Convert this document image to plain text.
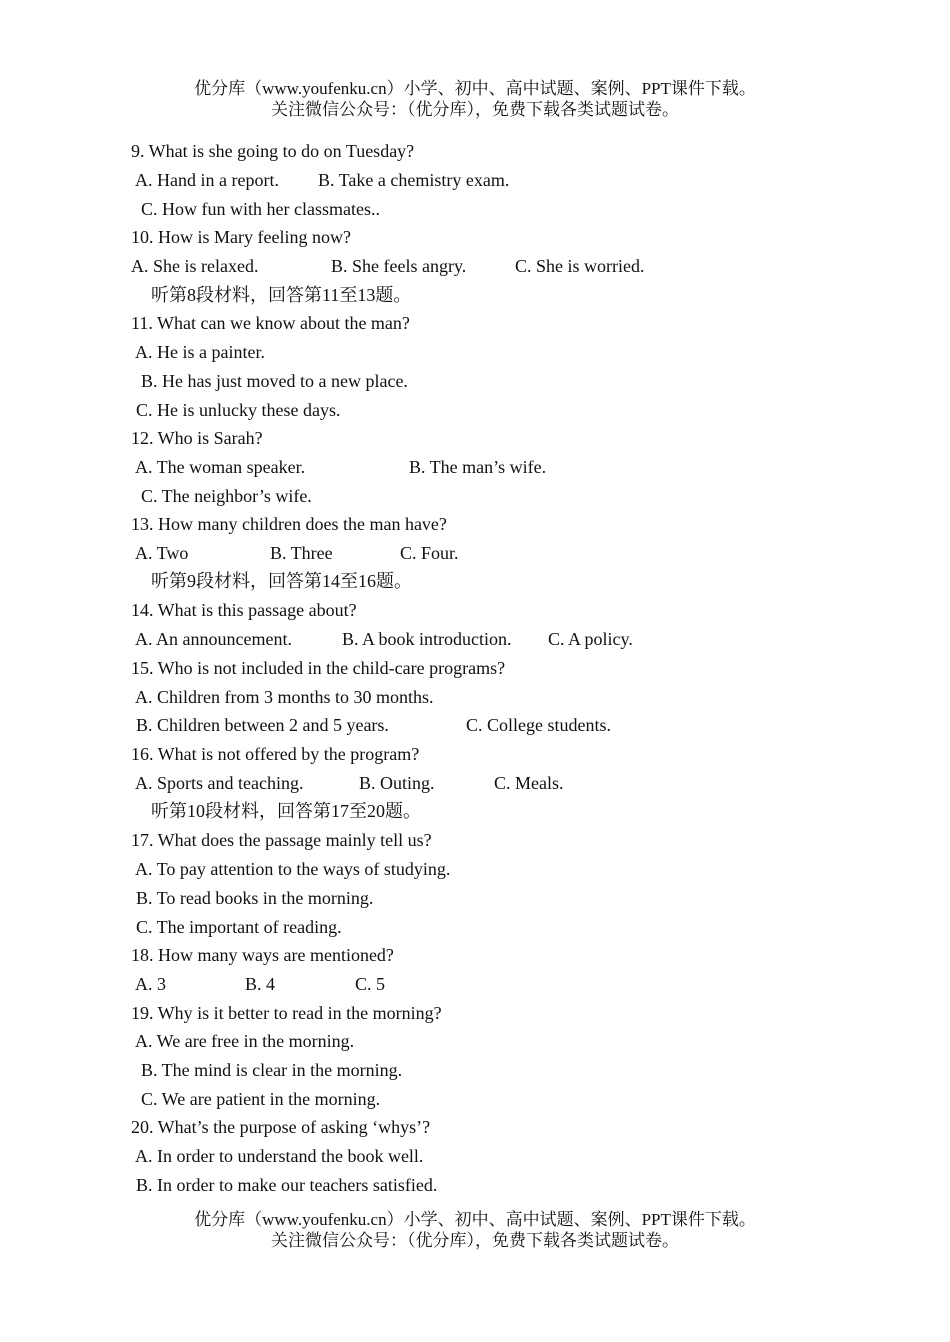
优分库（www.youfenku.cn）小学、初中、高中试题、案例、PPT课件下载。
关注微信公众号：（优分库），免费下载各类试题试卷。
9. What is she going to do on Tuesday?
A. Hand in a report. B. Take a chemistry exam.
C. How fun with her classmates..
10. How is Mary feeling now?
A. She is relaxed.	B. She feels angry.	C. She is worried.
听第8段材料，回答第11至13题。
11. What can we know about the man?
A. He is a painter.
B. He has just moved to a new place.
C. He is unlucky these days.
12. Who is Sarah?
A. The woman speaker.	B. The man’s wife.
C. The neighbor’s wife.
13. How many children does the man have?
A. Two	B. Three	C. Four.
听第9段材料，回答第14至16题。
14. What is this passage about?
A. An announcement.	B. A book introduction. C. A policy.
15. Who is not included in the child-care programs?
A. Children from 3 months to 30 months.
B. Children between 2 and 5 years.	C. College students.
16. What is not offered by the program?
A. Sports and teaching.	B. Outing.	C. Meals.
听第10段材料，回答第17至20题。
17. What does the passage mainly tell us?
A. To pay attention to the ways of studying.
B. To read books in the morning.
C. The important of reading.
18. How many ways are mentioned?
A. 3	B. 4	C. 5
19. Why is it better to read in the morning?
A. We are free in the morning.
B. The mind is clear in the morning.
C. We are patient in the morning.
20. What’s the purpose of asking ‘whys’?
A. In order to understand the book well.
B. In order to make our teachers satisfied.
优分库（www.youfenku.cn）小学、初中、高中试题、案例、PPT课件下载。
关注微信公众号：（优分库），免费下载各类试题试卷。
